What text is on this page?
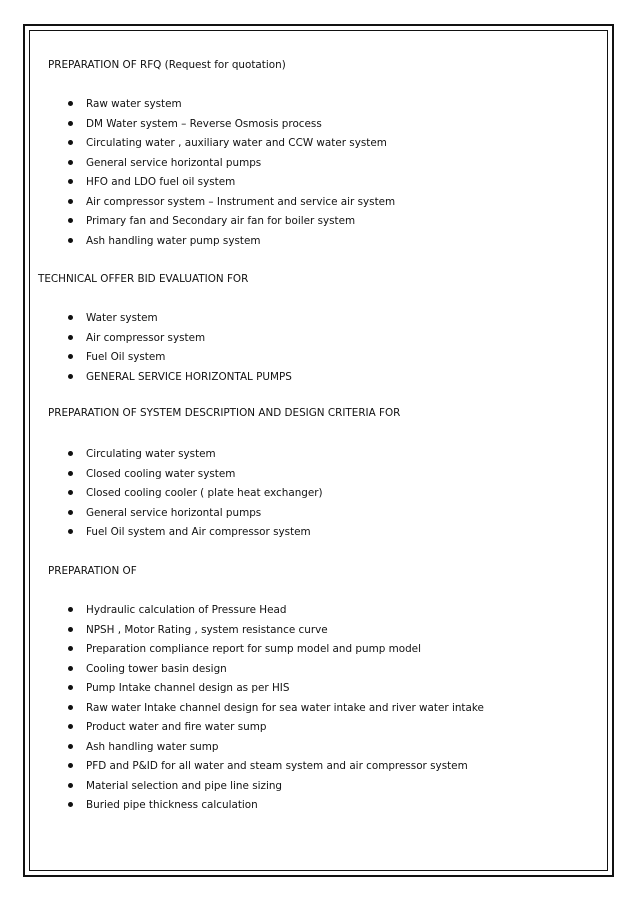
PREPARATION OF RFQ (Request for quotation)

Raw water system
DM Water system – Reverse Osmosis process
Circulating water , auxiliary water and CCW water system
General service horizontal pumps
HFO and LDO fuel oil system
Air compressor system – Instrument and service air system
Primary fan and Secondary air fan for boiler system
Ash handling water pump system

TECHNICAL OFFER BID EVALUATION FOR

Water system
Air compressor system
Fuel Oil system
GENERAL SERVICE HORIZONTAL PUMPS

PREPARATION OF SYSTEM DESCRIPTION AND DESIGN CRITERIA FOR

Circulating water system
Closed cooling water system
Closed cooling cooler ( plate heat exchanger)
General service horizontal pumps
Fuel Oil system and Air compressor system

PREPARATION OF

Hydraulic calculation of Pressure Head
NPSH , Motor Rating , system resistance curve
Preparation compliance report for sump model and pump model
Cooling tower basin design
Pump Intake channel design as per HIS
Raw water Intake channel design for sea water intake and river water intake
Product water and fire water sump
Ash handling water sump
PFD and P&ID for all water and steam system and air compressor system
Material selection and pipe line sizing
Buried pipe thickness calculation
